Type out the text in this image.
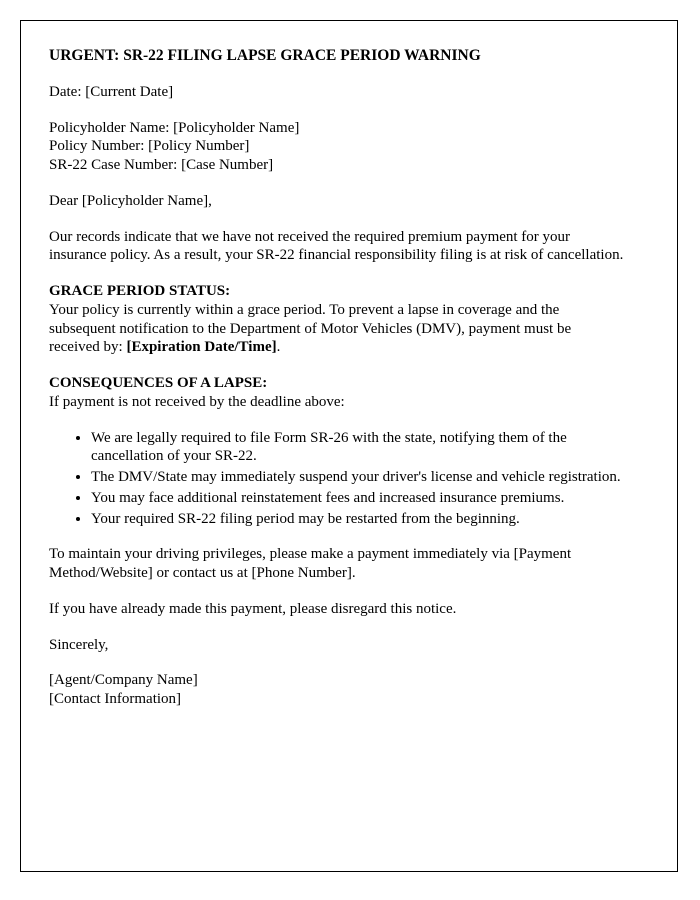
URGENT: SR-22 FILING LAPSE GRACE PERIOD WARNING
Date: [Current Date]
Policyholder Name: [Policyholder Name]
Policy Number: [Policy Number]
SR-22 Case Number: [Case Number]
Dear [Policyholder Name],
Our records indicate that we have not received the required premium payment for your insurance policy. As a result, your SR-22 financial responsibility filing is at risk of cancellation.
GRACE PERIOD STATUS:
Your policy is currently within a grace period. To prevent a lapse in coverage and the subsequent notification to the Department of Motor Vehicles (DMV), payment must be received by: [Expiration Date/Time].
CONSEQUENCES OF A LAPSE:
If payment is not received by the deadline above:
• We are legally required to file Form SR-26 with the state, notifying them of the cancellation of your SR-22.
• The DMV/State may immediately suspend your driver's license and vehicle registration.
• You may face additional reinstatement fees and increased insurance premiums.
• Your required SR-22 filing period may be restarted from the beginning.
To maintain your driving privileges, please make a payment immediately via [Payment Method/Website] or contact us at [Phone Number].
If you have already made this payment, please disregard this notice.
Sincerely,
[Agent/Company Name]
[Contact Information]
